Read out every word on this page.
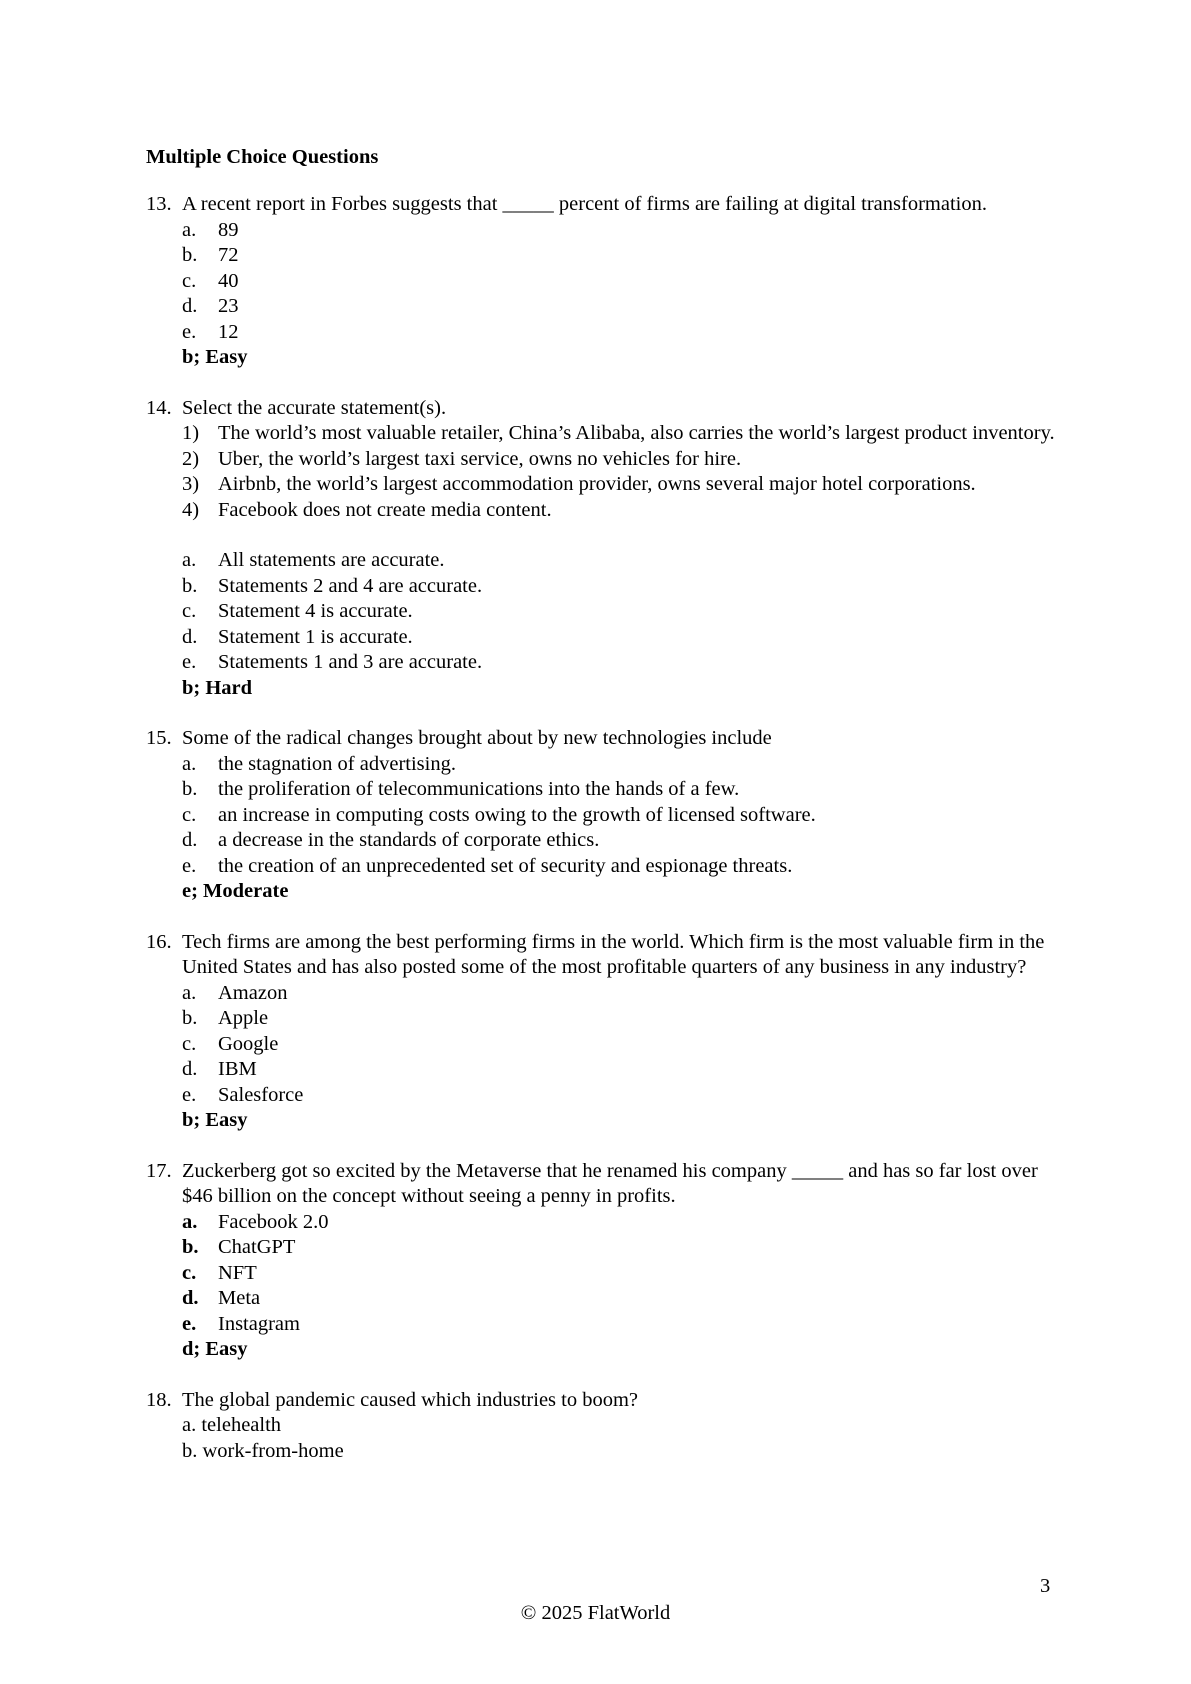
Multiple Choice Questions
13. A recent report in Forbes suggests that _____ percent of firms are failing at digital transformation.
a.	89
b.	72
c.	40
d.	23
e.	12
b; Easy
14. Select the accurate statement(s).
1) The world’s most valuable retailer, China’s Alibaba, also carries the world’s largest product inventory.
2) Uber, the world’s largest taxi service, owns no vehicles for hire.
3) Airbnb, the world’s largest accommodation provider, owns several major hotel corporations.
4) Facebook does not create media content.
a.	All statements are accurate.
b.	Statements 2 and 4 are accurate.
c.	Statement 4 is accurate.
d.	Statement 1 is accurate.
e.	Statements 1 and 3 are accurate.
b; Hard
15. Some of the radical changes brought about by new technologies include
a.	the stagnation of advertising.
b.	the proliferation of telecommunications into the hands of a few.
c.	an increase in computing costs owing to the growth of licensed software.
d.	a decrease in the standards of corporate ethics.
e.	the creation of an unprecedented set of security and espionage threats.
e; Moderate
16. Tech firms are among the best performing firms in the world. Which firm is the most valuable firm in the United States and has also posted some of the most profitable quarters of any business in any industry?
a.	Amazon
b.	Apple
c.	Google
d.	IBM
e.	Salesforce
b; Easy
17. Zuckerberg got so excited by the Metaverse that he renamed his company _____ and has so far lost over $46 billion on the concept without seeing a penny in profits.
a.	Facebook 2.0
b. ChatGPT
c.	NFT
d. Meta
e.	Instagram
d; Easy
18. The global pandemic caused which industries to boom?
a. telehealth
b. work-from-home
3
© 2025 FlatWorld
